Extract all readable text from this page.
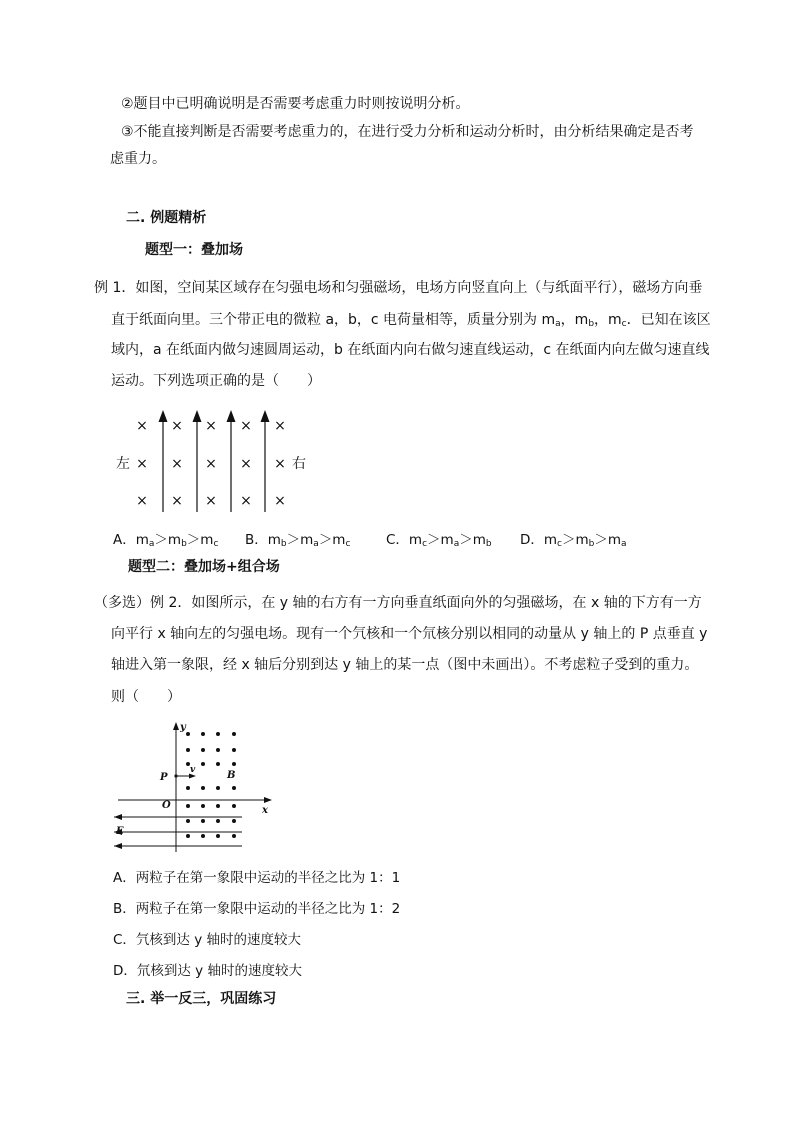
②题目中已明确说明是否需要考虑重力时则按说明分析。
③不能直接判断是否需要考虑重力的，在进行受力分析和运动分析时，由分析结果确定是否考
虑重力。
二. 例题精析
题型一：叠加场
例 1．如图，空间某区域存在匀强电场和匀强磁场，电场方向竖直向上（与纸面平行），磁场方向垂
直于纸面向里。三个带正电的微粒 a，b，c 电荷量相等，质量分别为 $m_a$，$m_b$，$m_c$．已知在该区
域内，a 在纸面内做匀速圆周运动，b 在纸面内向右做匀速直线运动，c 在纸面内向左做匀速直线
运动。下列选项正确的是（　　）
× × × × ×
左 × × × × × 右
× × × × ×
A．$m_a>m_b>m_c$ B．$m_b>m_a>m_c$	C．$m_c>m_a>m_b$ D．$m_c>m_b>m_a$
题型二：叠加场+组合场
（多选）例 2．如图所示，在 y 轴的右方有一方向垂直纸面向外的匀强磁场，在 x 轴的下方有一方
向平行 x 轴向左的匀强电场。现有一个氕核和一个氘核分别以相同的动量从 y 轴上的 P 点垂直 y
轴进入第一象限，经 x 轴后分别到达 y 轴上的某一点（图中未画出）。不考虑粒子受到的重力。
则（　　）
y
x
P
O
E
B
v
A．两粒子在第一象限中运动的半径之比为 1：1
B．两粒子在第一象限中运动的半径之比为 1：2
C．氕核到达 y 轴时的速度较大
D．氘核到达 y 轴时的速度较大
三. 举一反三，巩固练习
